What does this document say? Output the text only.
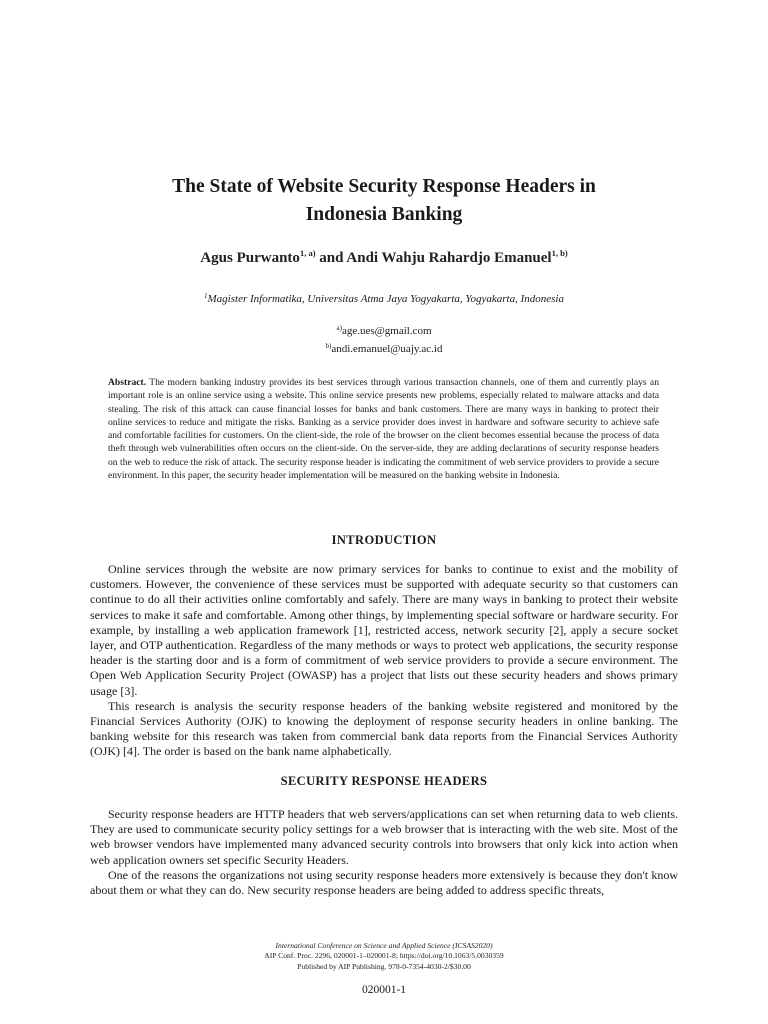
The State of Website Security Response Headers in
Indonesia Banking
Agus Purwanto$^{1, a)}$ and Andi Wahju Rahardjo Emanuel$^{1, b)}$
$^1$Magister Informatika, Universitas Atma Jaya Yogyakarta, Yogyakarta, Indonesia
$^{a)}$age.ues@gmail.com
$^{b)}$andi.emanuel@uajy.ac.id
Abstract. The modern banking industry provides its best services through various transaction channels, one of them and currently plays an important role is an online service using a website. This online service presents new problems, especially related to malware attacks and data stealing. The risk of this attack can cause financial losses for banks and bank customers. There are many ways in banking to protect their online services to reduce and mitigate the risks. Banking as a service provider does invest in hardware and software security to achieve safe and comfortable facilities for customers. On the client-side, the role of the browser on the client becomes essential because the process of data theft through web vulnerabilities often occurs on the client-side. On the server-side, they are adding declarations of security response headers on the web to reduce the risk of attack. The security response header is indicating the commitment of web service providers to provide a secure environment. In this paper, the security header implementation will be measured on the banking website in Indonesia.
INTRODUCTION

Online services through the website are now primary services for banks to continue to exist and the mobility of customers. However, the convenience of these services must be supported with adequate security so that customers can continue to do all their activities online comfortably and safely. There are many ways in banking to protect their website services to make it safe and comfortable. Among other things, by implementing special software or hardware security. For example, by installing a web application framework [1], restricted access, network security [2], apply a secure socket layer, and OTP authentication. Regardless of the many methods or ways to protect web applications, the security response header is the starting door and is a form of commitment of web service providers to provide a secure environment. The Open Web Application Security Project (OWASP) has a project that lists out these security headers and shows primary usage [3].

This research is analysis the security response headers of the banking website registered and monitored by the Financial Services Authority (OJK) to knowing the deployment of response security headers in online banking. The banking website for this research was taken from commercial bank data reports from the Financial Services Authority (OJK) [4]. The order is based on the bank name alphabetically.

SECURITY RESPONSE HEADERS

Security response headers are HTTP headers that web servers/applications can set when returning data to web clients. They are used to communicate security policy settings for a web browser that is interacting with the web site. Most of the web browser vendors have implemented many advanced security controls into browsers that only kick into action when web application owners set specific Security Headers.

One of the reasons the organizations not using security response headers more extensively is because they don't know about them or what they can do. New security response headers are being added to address specific threats,

International Conference on Science and Applied Science (ICSAS2020)
AIP Conf. Proc. 2296, 020001-1–020001-8; https://doi.org/10.1063/5.0030359
Published by AIP Publishing. 978-0-7354-4030-2/$30.00
020001-1
